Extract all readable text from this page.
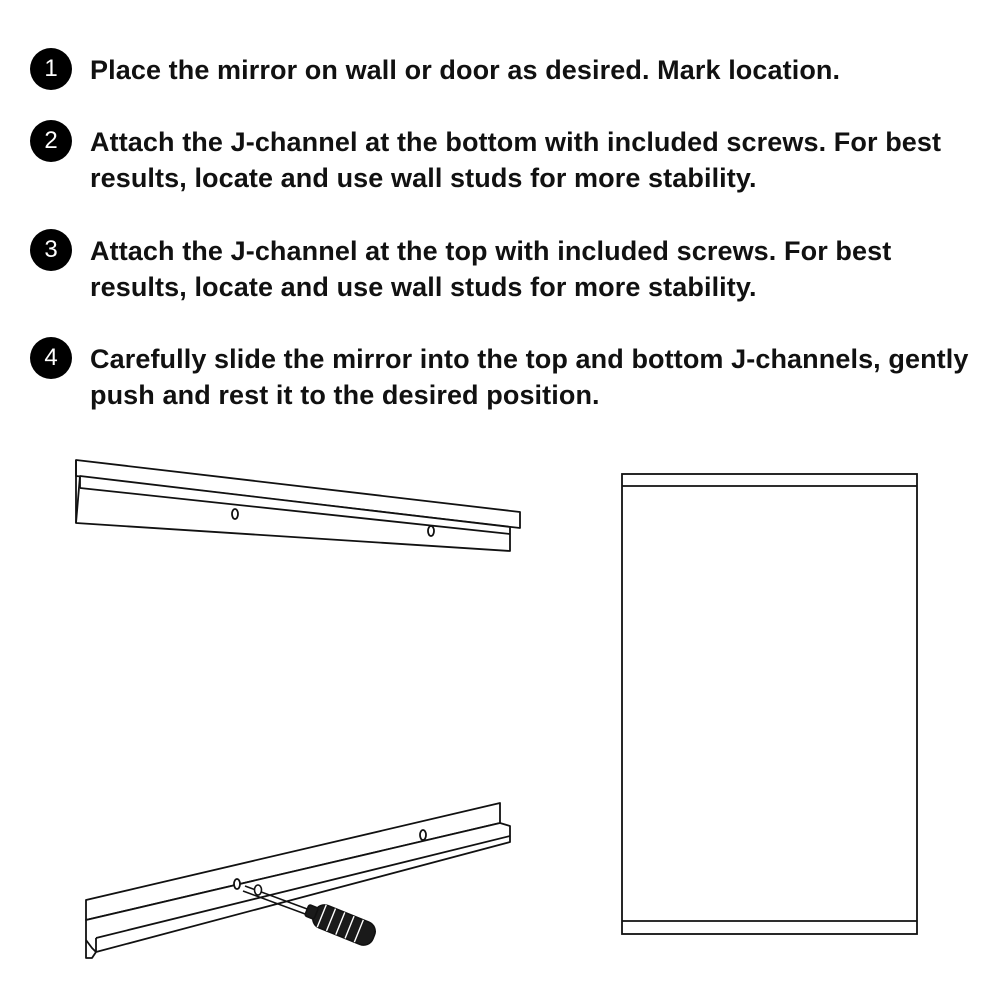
1	Place the mirror on wall or door as desired. Mark location.
2	Attach the J-channel at the bottom with included screws. For best results, locate and use wall studs for more stability.
3	Attach the J-channel at the top with included screws. For best results, locate and use wall studs for more stability.
4	Carefully slide the mirror into the top and bottom J-channels, gently push and rest it to the desired position.
